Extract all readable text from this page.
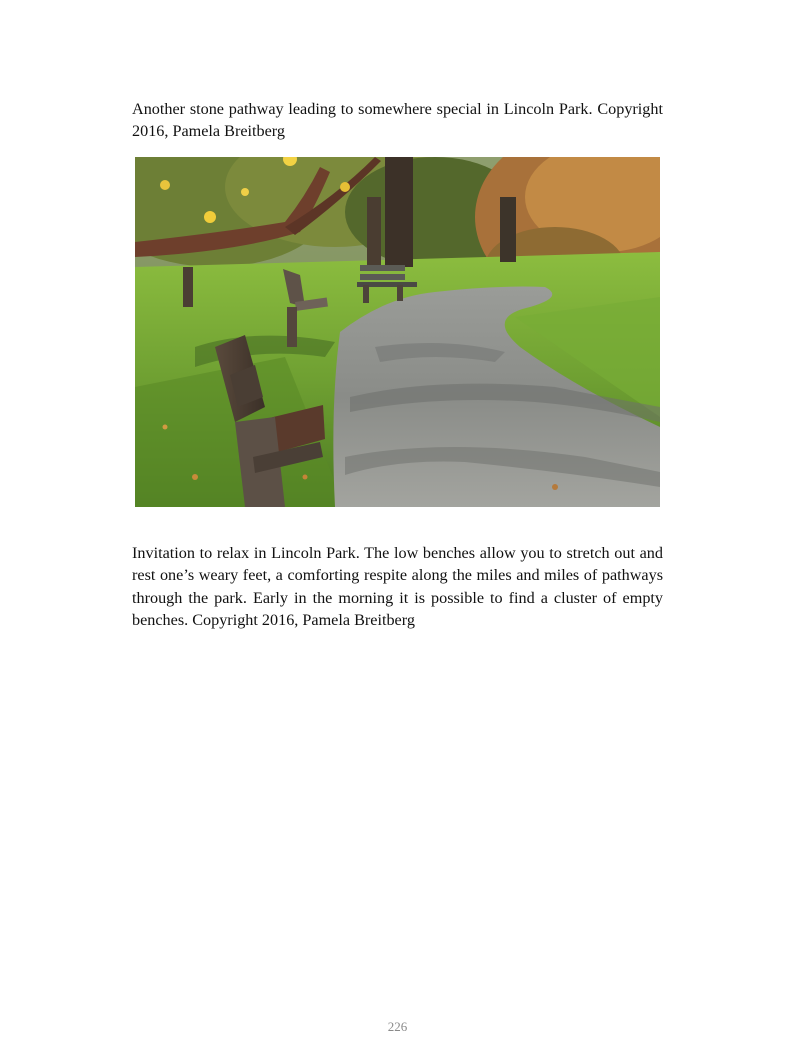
Another stone pathway leading to somewhere special in Lincoln Park. Copyright 2016, Pamela Breitberg

Invitation to relax in Lincoln Park. The low benches allow you to stretch out and rest one’s weary feet, a comforting respite along the miles and miles of pathways through the park. Early in the morning it is possible to find a cluster of empty benches. Copyright 2016, Pamela Breitberg

226
